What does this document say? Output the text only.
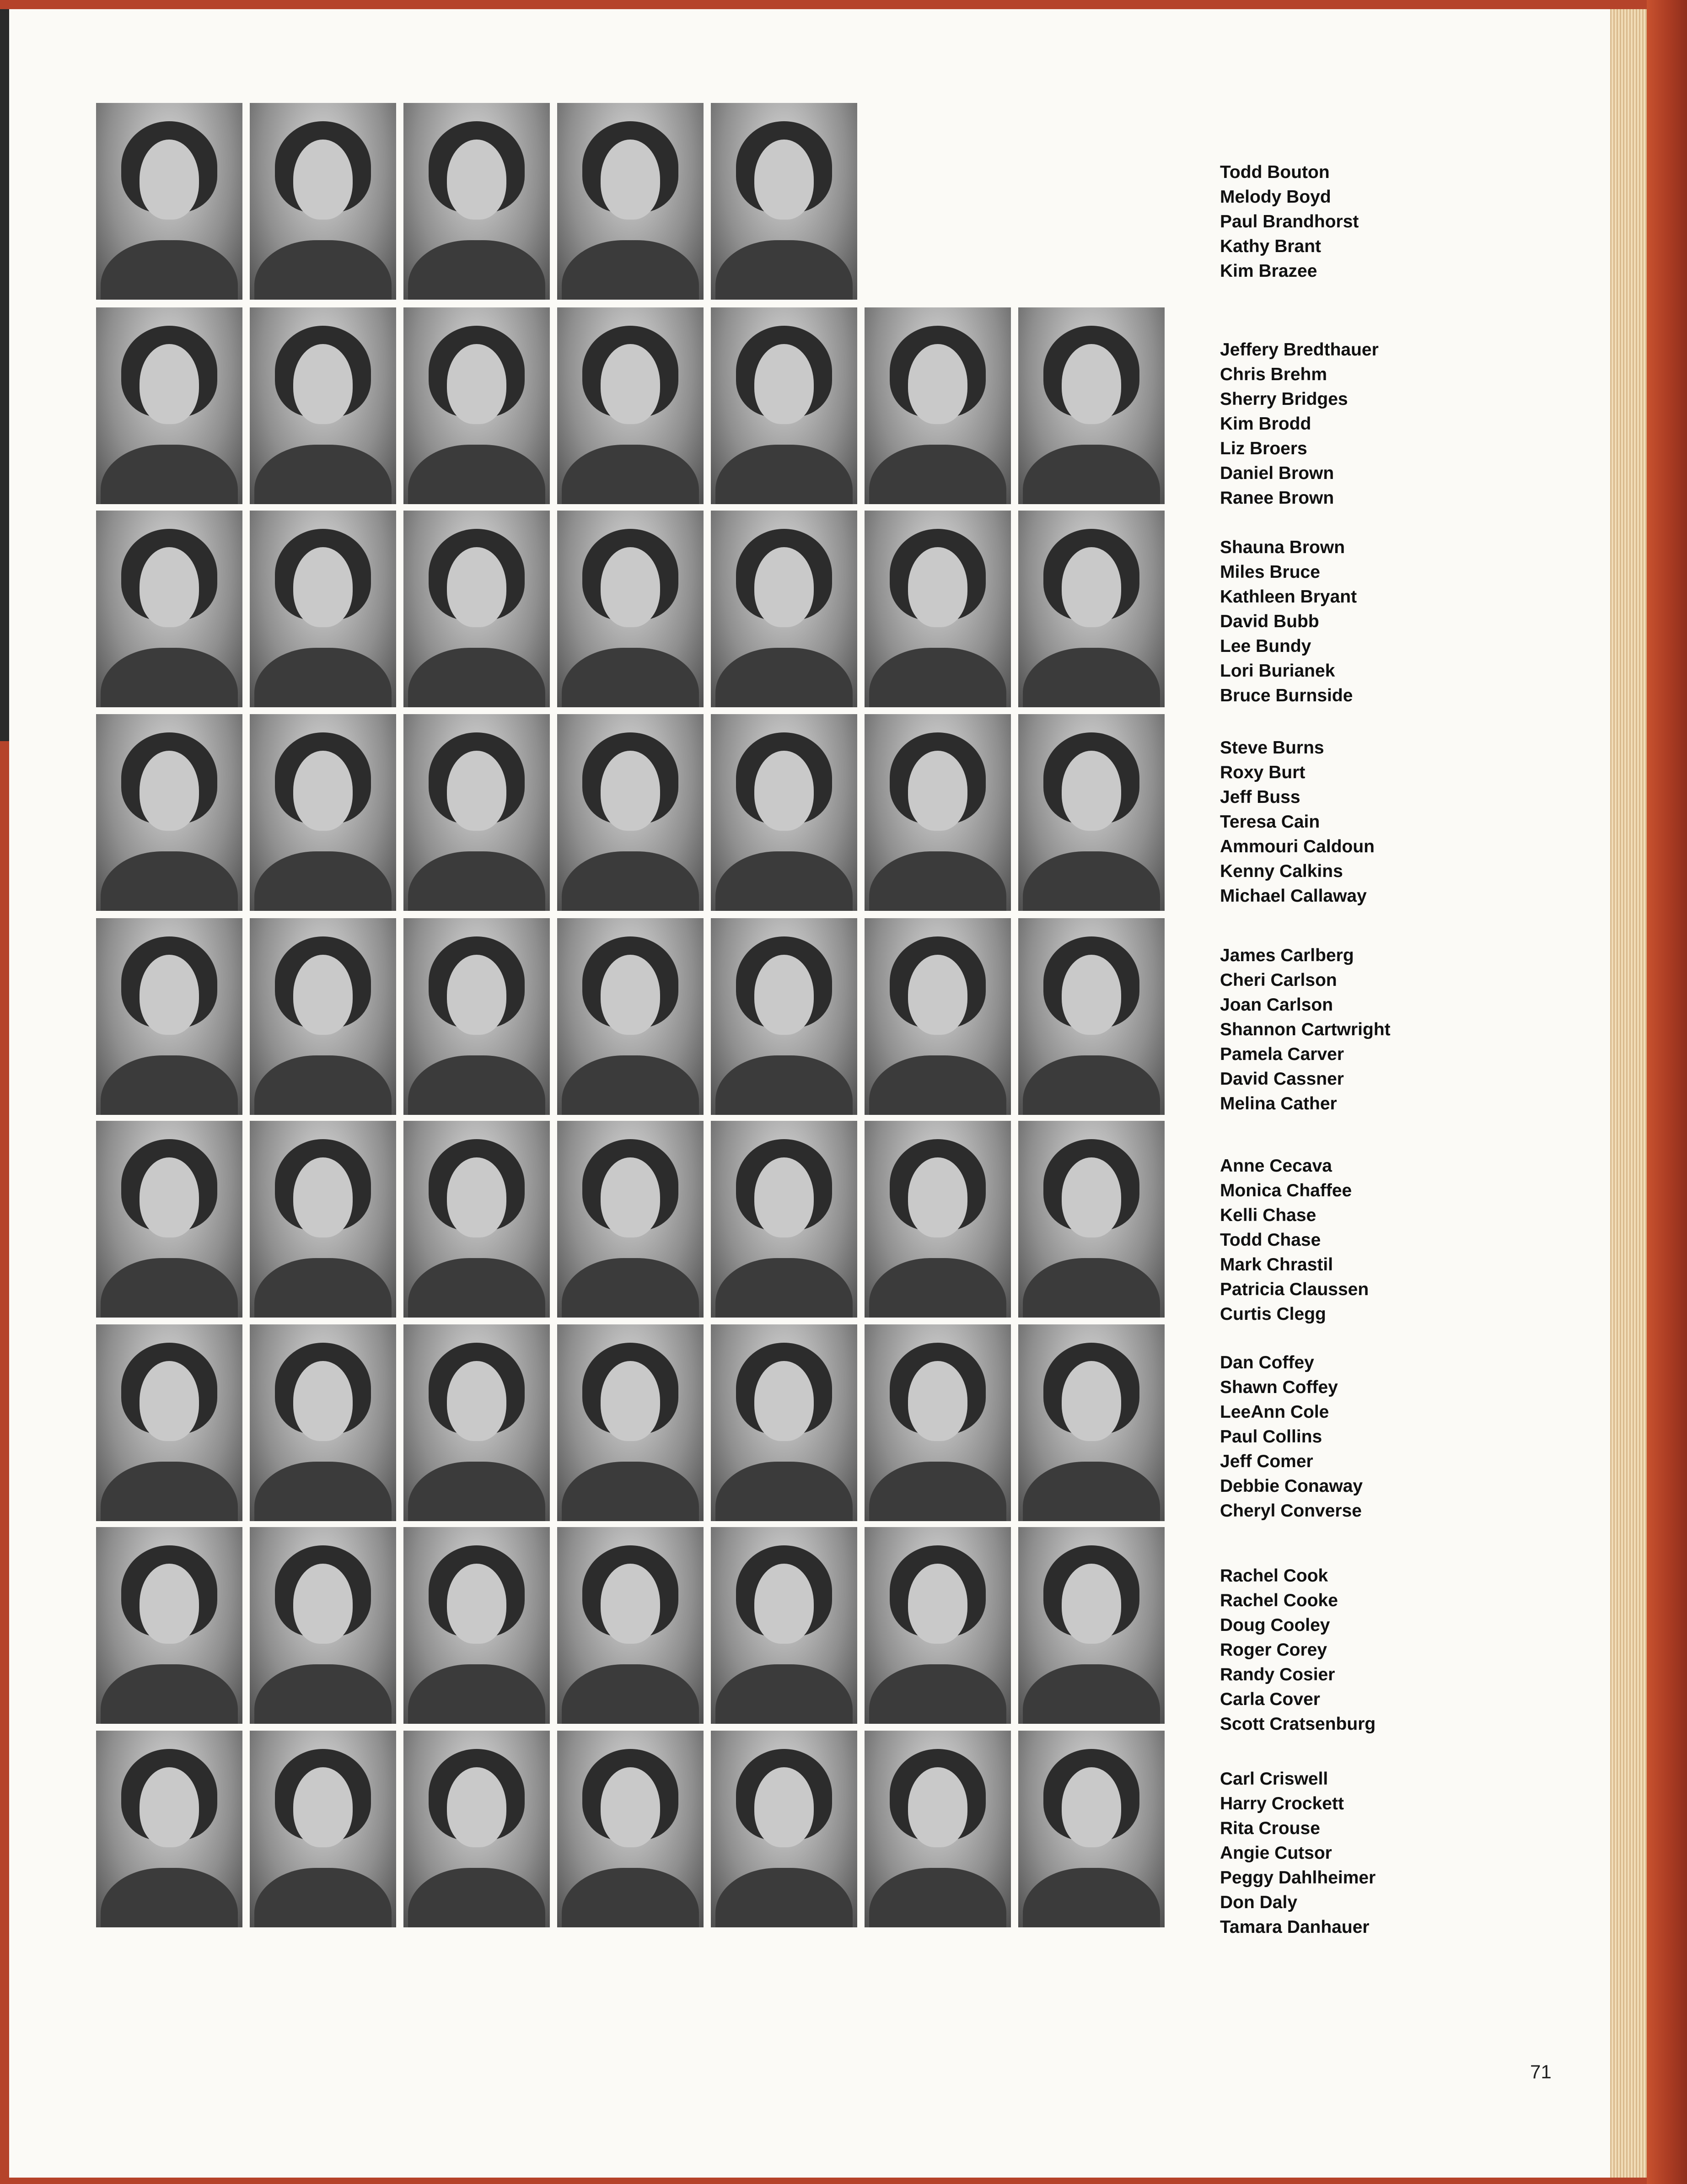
Todd Bouton
Melody Boyd
Paul Brandhorst
Kathy Brant
Kim Brazee
Jeffery Bredthauer
Chris Brehm
Sherry Bridges
Kim Brodd
Liz Broers
Daniel Brown
Ranee Brown
Shauna Brown
Miles Bruce
Kathleen Bryant
David Bubb
Lee Bundy
Lori Burianek
Bruce Burnside
Steve Burns
Roxy Burt
Jeff Buss
Teresa Cain
Ammouri Caldoun
Kenny Calkins
Michael Callaway
James Carlberg
Cheri Carlson
Joan Carlson
Shannon Cartwright
Pamela Carver
David Cassner
Melina Cather
Anne Cecava
Monica Chaffee
Kelli Chase
Todd Chase
Mark Chrastil
Patricia Claussen
Curtis Clegg
Dan Coffey
Shawn Coffey
LeeAnn Cole
Paul Collins
Jeff Comer
Debbie Conaway
Cheryl Converse
Rachel Cook
Rachel Cooke
Doug Cooley
Roger Corey
Randy Cosier
Carla Cover
Scott Cratsenburg
Carl Criswell
Harry Crockett
Rita Crouse
Angie Cutsor
Peggy Dahlheimer
Don Daly
Tamara Danhauer
71
